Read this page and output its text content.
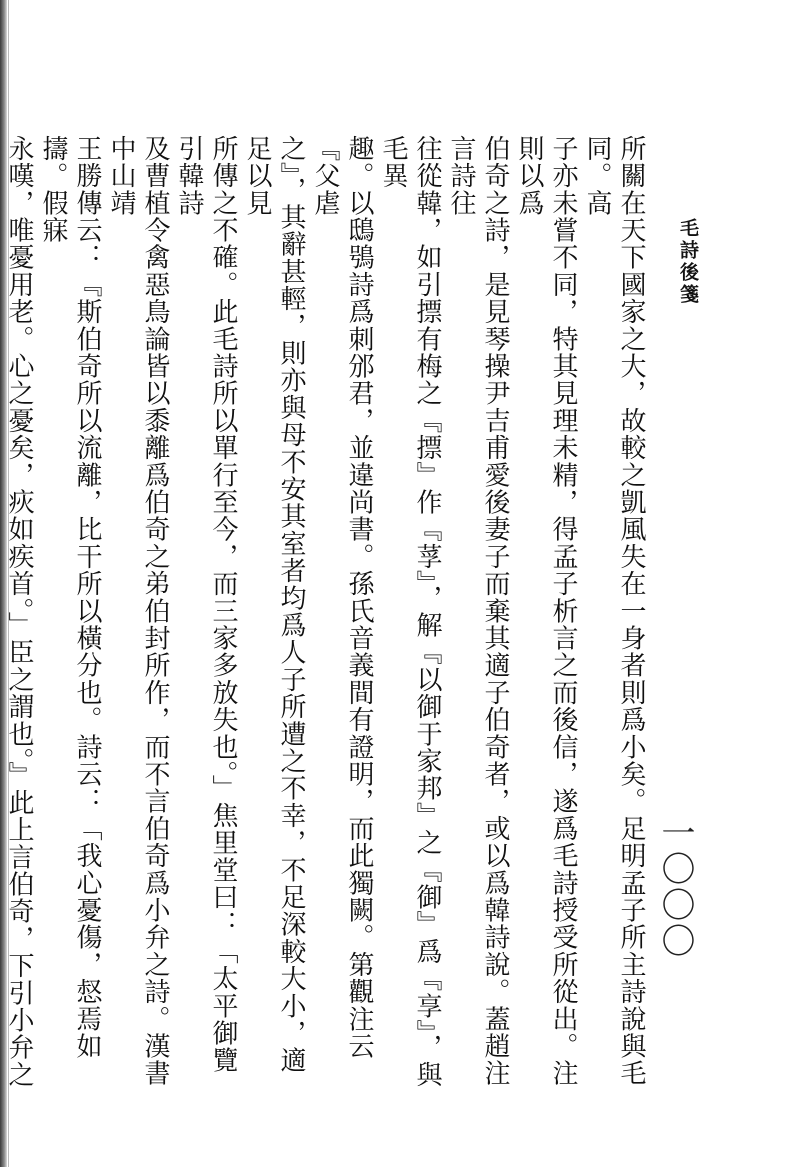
毛詩後箋
一〇〇〇
所關在天下國家之大，故較之凱風失在一身者則爲小矣。足明孟子所主詩說與毛同。高
子亦未嘗不同，特其見理未精，得孟子析言之而後信，遂爲毛詩授受所從出。注則以爲
伯奇之詩，是見琴操尹吉甫愛後妻子而棄其適子伯奇者，或以爲韓詩說。蓋趙注言詩往
往從韓，如引摽有梅之『摽』作『莩』，解『以御于家邦』之『御』爲『享』，與毛異
趣。以鴟鴞詩爲刺邠君，並違尚書。孫氏音義間有證明，而此獨闕。第觀注云『父虐
之』，其辭甚輕，則亦與母不安其室者均爲人子所遭之不幸，不足深較大小，適足以見
所傳之不確。此毛詩所以單行至今，而三家多放失也。」焦里堂曰：「太平御覽引韓詩
及曹植令禽惡鳥論皆以黍離爲伯奇之弟伯封所作，而不言伯奇爲小弁之詩。漢書中山靖
王勝傳云：『斯伯奇所以流離，比干所以橫分也。詩云：「我心憂傷，惄焉如擣。假寐
永嘆，唯憂用老。心之憂矣，疢如疾首。」臣之謂也。』此上言伯奇，下引小弁之
